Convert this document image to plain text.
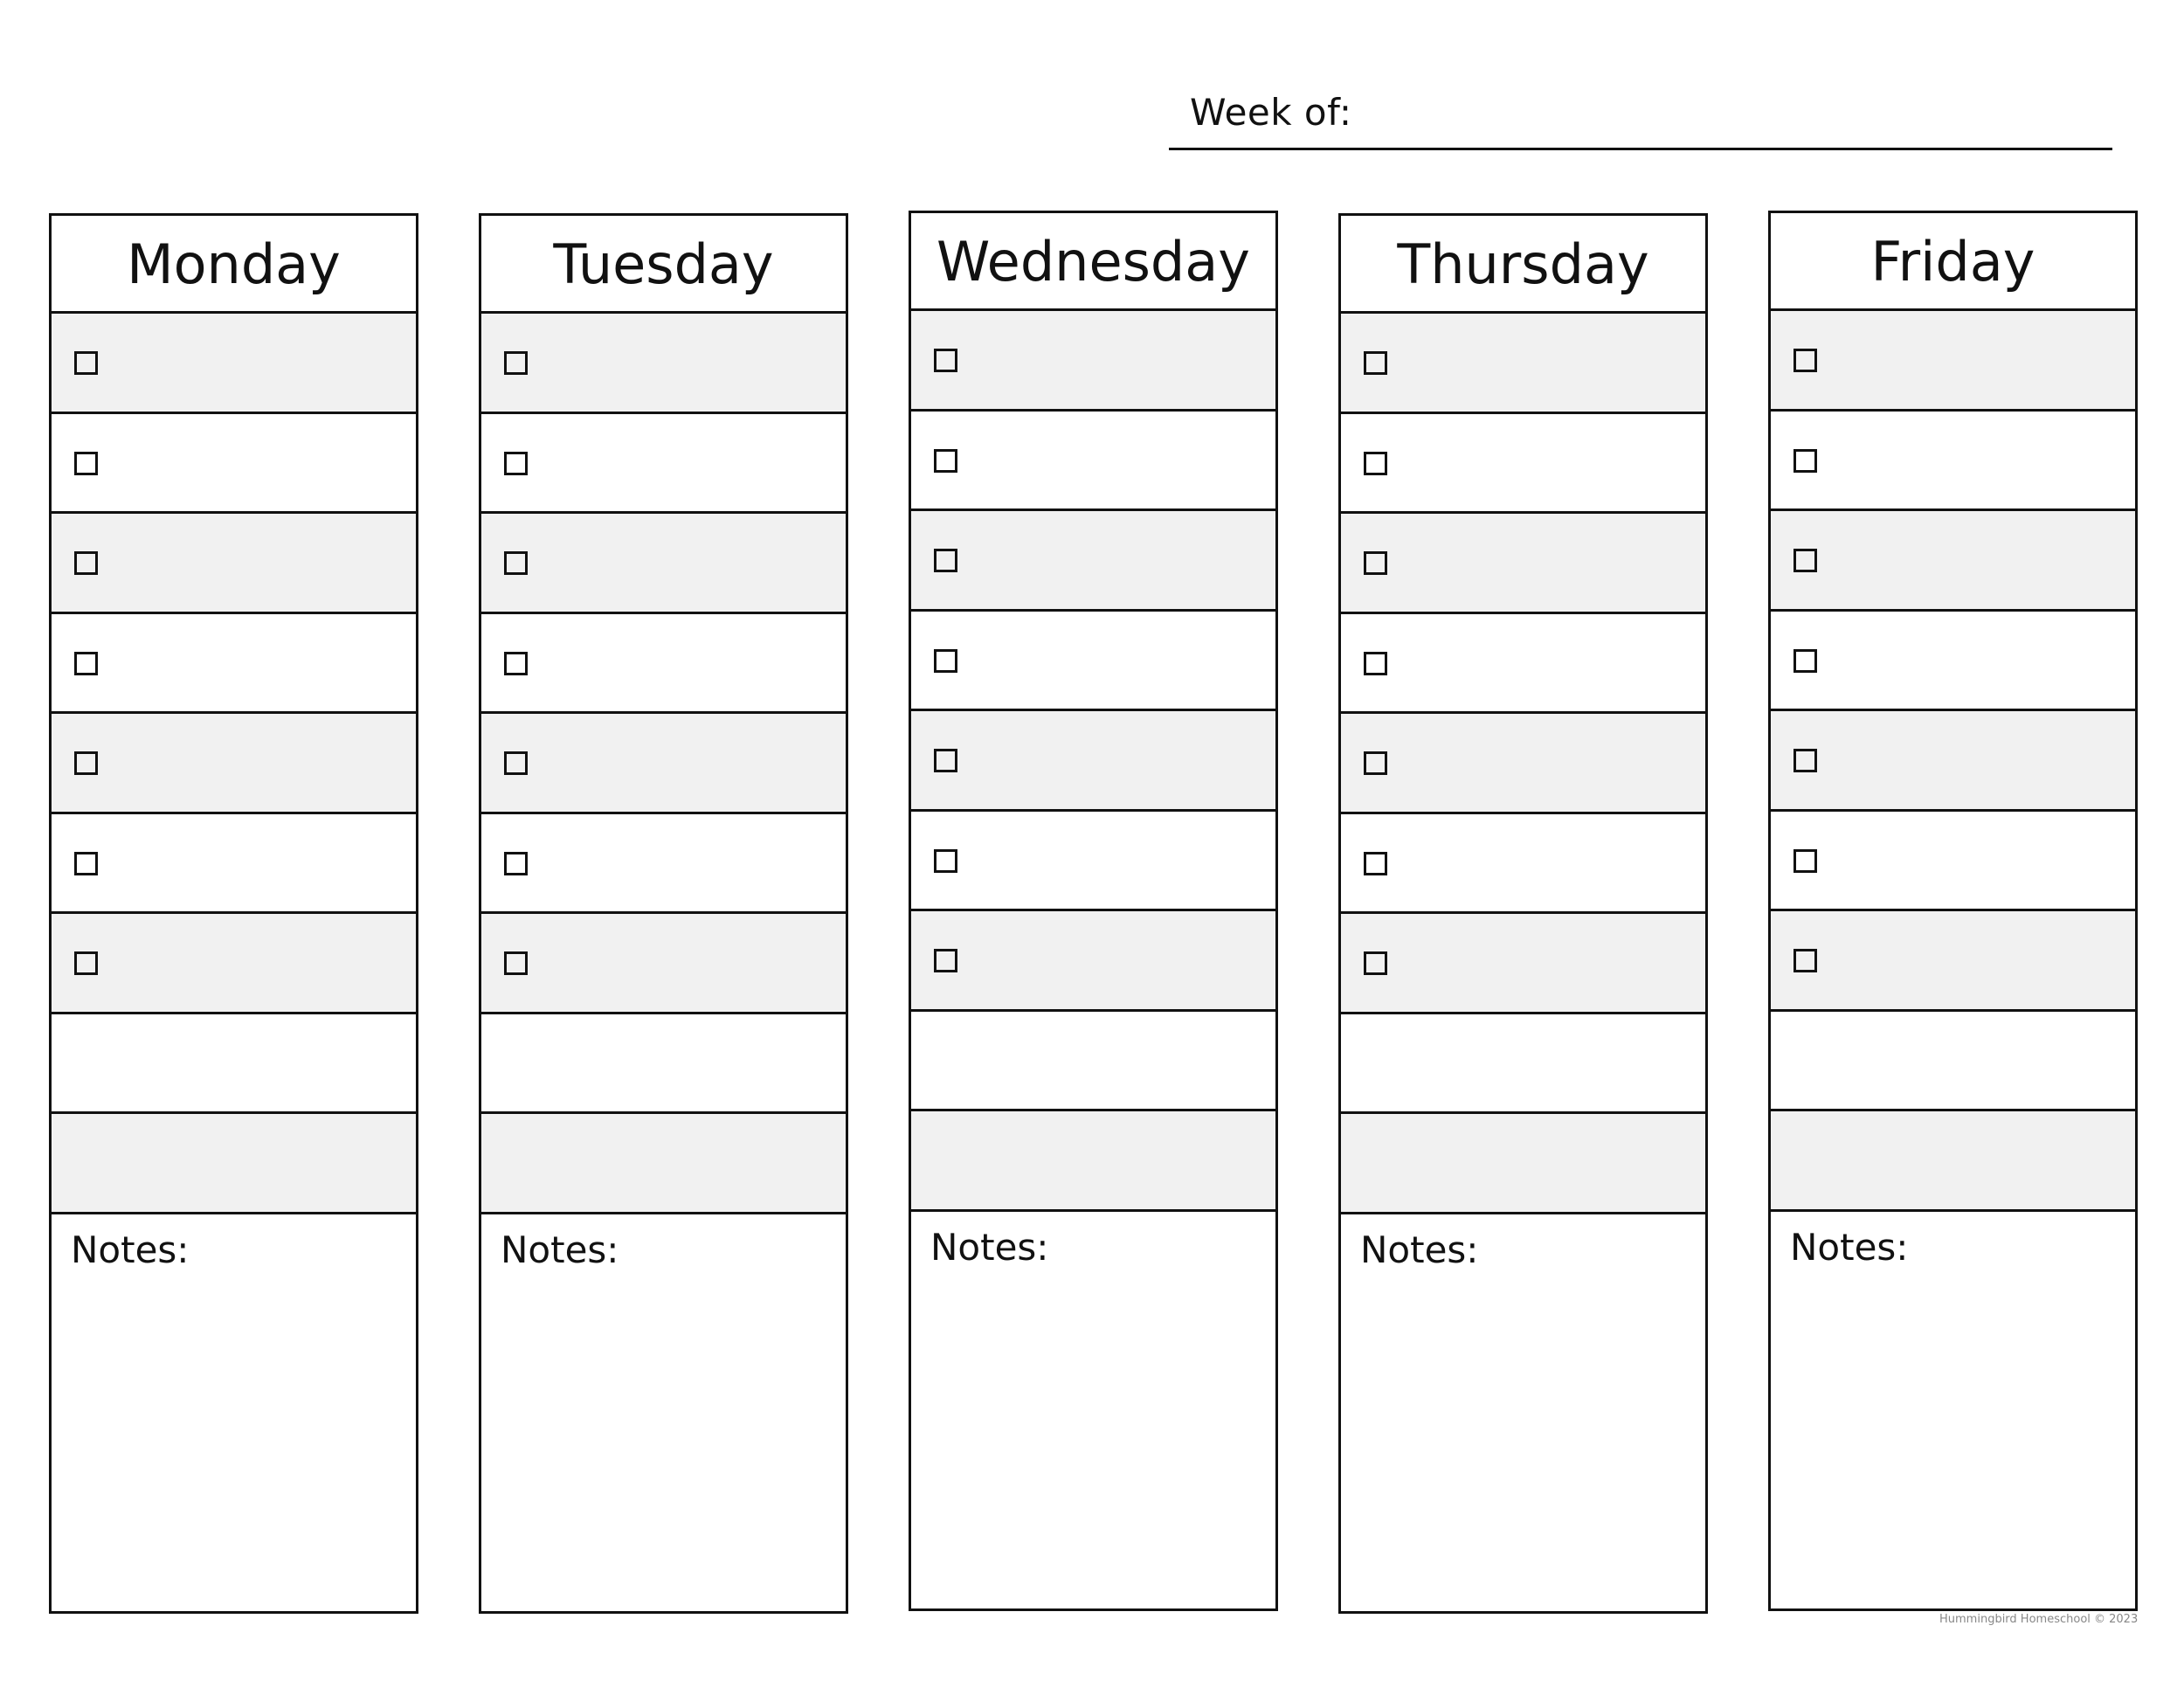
Week of:
Monday
Notes:
Tuesday
Notes:
Wednesday
Notes:
Thursday
Notes:
Friday
Notes:
Hummingbird Homeschool © 2023
